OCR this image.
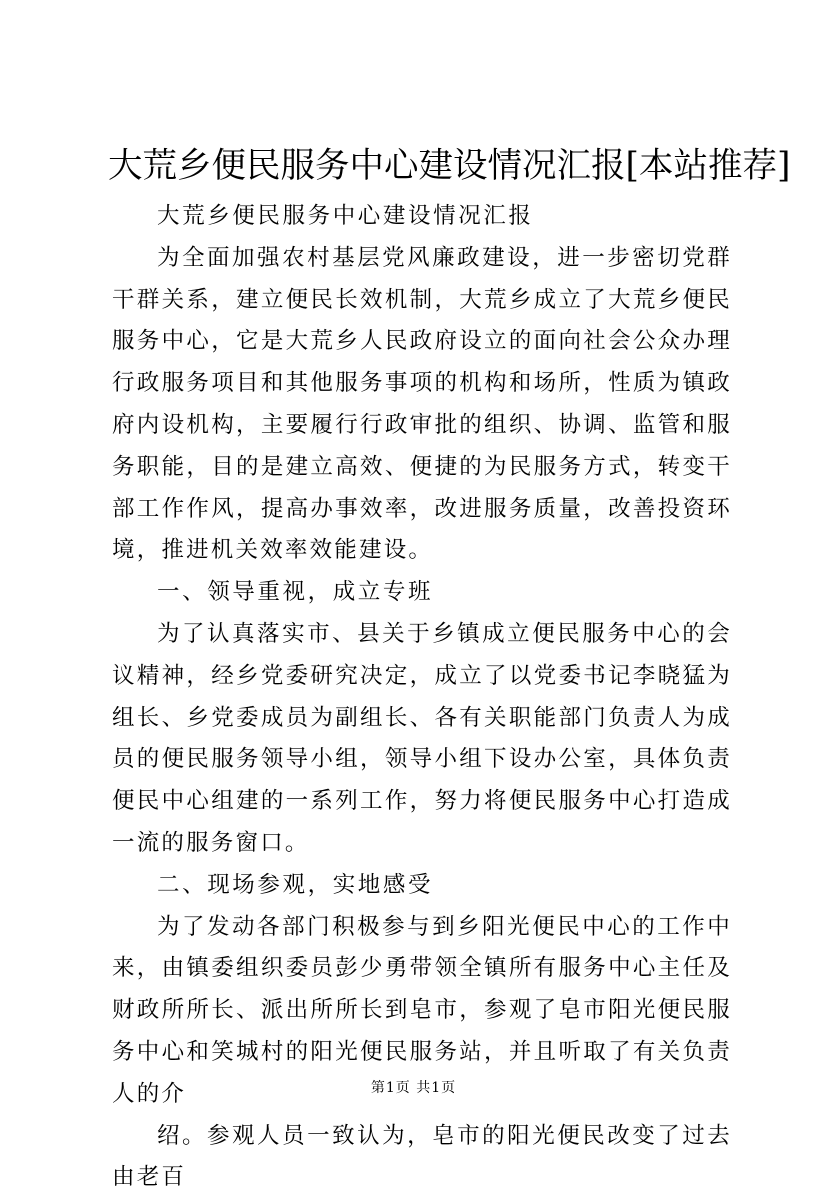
大荒乡便民服务中心建设情况汇报[本站推荐]

大荒乡便民服务中心建设情况汇报

为全面加强农村基层党风廉政建设，进一步密切党群干群关系，建立便民长效机制，大荒乡成立了大荒乡便民服务中心，它是大荒乡人民政府设立的面向社会公众办理行政服务项目和其他服务事项的机构和场所，性质为镇政府内设机构，主要履行行政审批的组织、协调、监管和服务职能，目的是建立高效、便捷的为民服务方式，转变干部工作作风，提高办事效率，改进服务质量，改善投资环境，推进机关效率效能建设。

一、领导重视，成立专班

为了认真落实市、县关于乡镇成立便民服务中心的会议精神，经乡党委研究决定，成立了以党委书记李晓猛为组长、乡党委成员为副组长、各有关职能部门负责人为成员的便民服务领导小组，领导小组下设办公室，具体负责便民中心组建的一系列工作，努力将便民服务中心打造成一流的服务窗口。

二、现场参观，实地感受

为了发动各部门积极参与到乡阳光便民中心的工作中来，由镇委组织委员彭少勇带领全镇所有服务中心主任及财政所所长、派出所所长到皂市，参观了皂市阳光便民服务中心和笑城村的阳光便民服务站，并且听取了有关负责人的介

绍。参观人员一致认为，皂市的阳光便民改变了过去由老百

第1页 共1页
